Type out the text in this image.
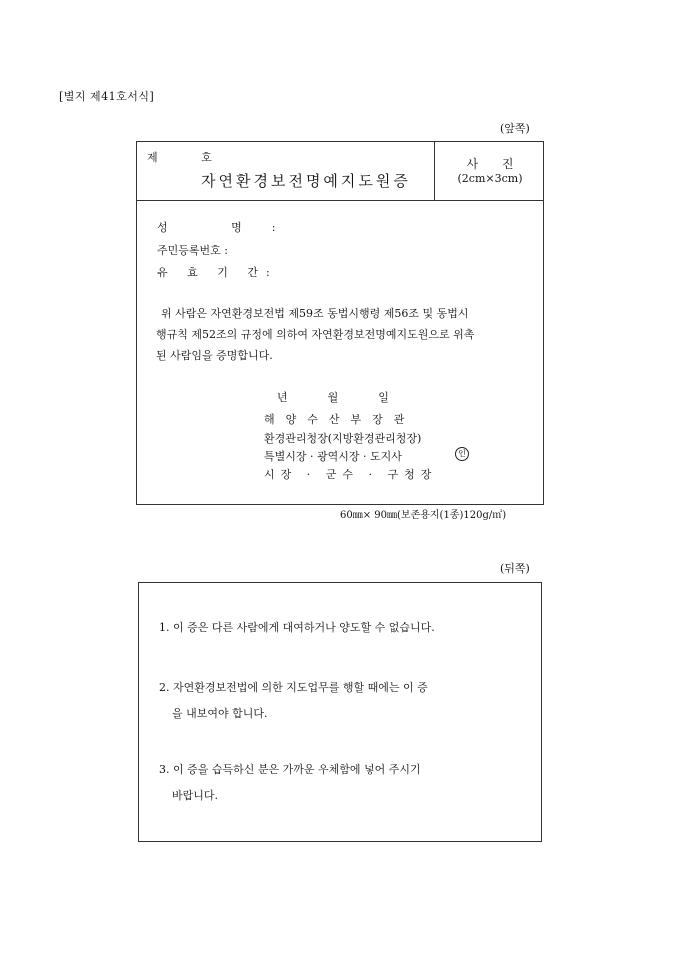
[별지 제41호서식]
(앞쪽)
제 호
자연환경보전명예지도원증
사 진
(2cm×3cm)
성 명:
주민등록번호 :
유 효 기 간:
위 사람은 자연환경보전법 제59조 동법시행령 제56조 및 동법시
행규칙 제52조의 규정에 의하여 자연환경보전명예지도원으로 위촉
된 사람임을 증명합니다.
년	월	일
해양수산부장관
환경관리청장(지방환경관리청장)
특별시장 · 광역시장 · 도지사
시장 · 군수 · 구청장
인
60㎜× 90㎜(보존용지(1종)120g/㎡)
(뒤쪽)
1. 이 증은 다른 사람에게 대여하거나 양도할 수 없습니다.
2. 자연환경보전법에 의한 지도업무를 행할 때에는 이 증
을 내보여야 합니다.
3. 이 증을 습득하신 분은 가까운 우체함에 넣어 주시기
바랍니다.
